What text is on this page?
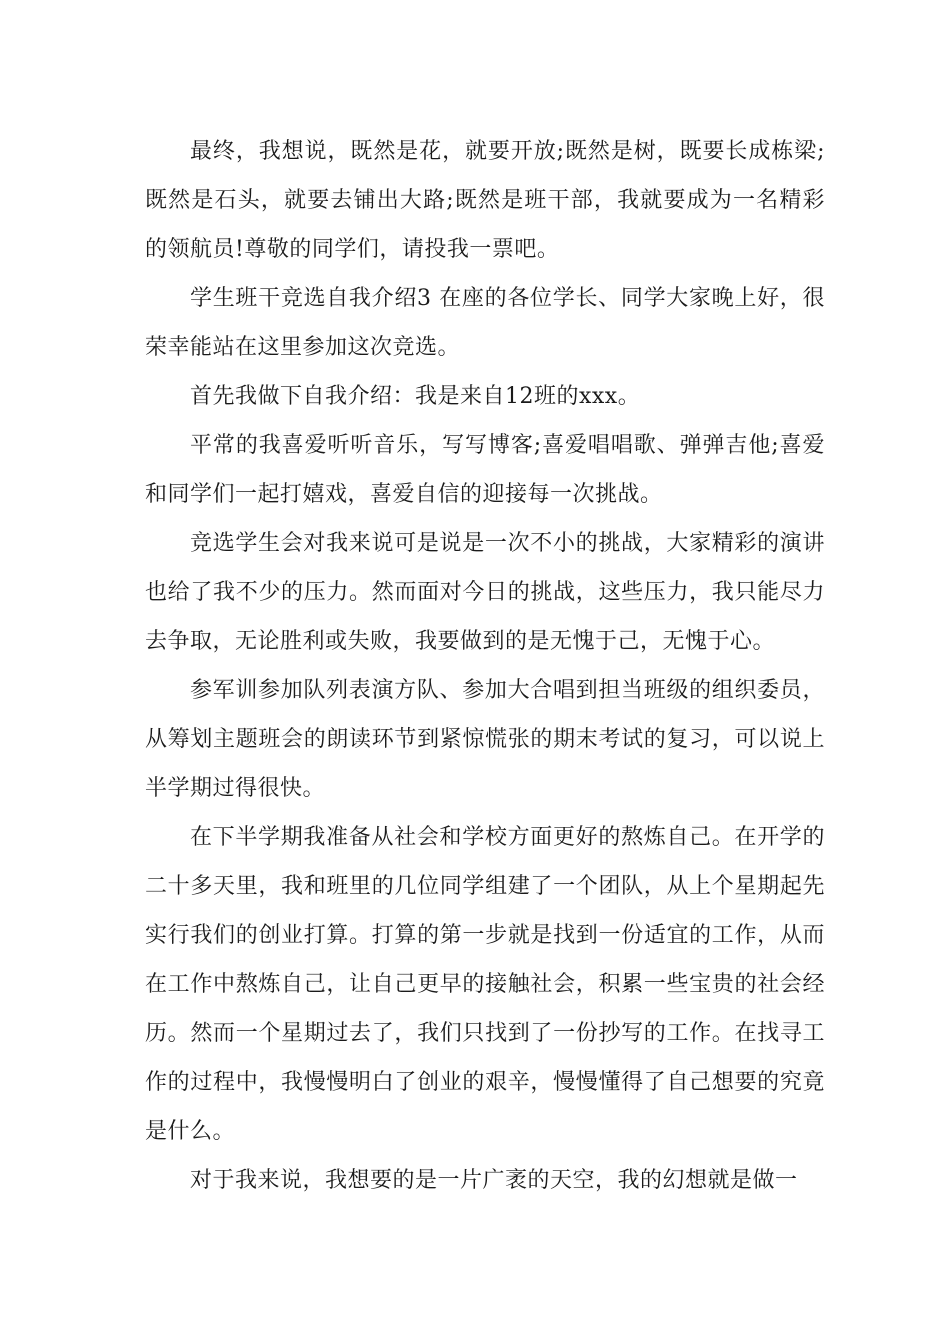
最终，我想说，既然是花，就要开放;既然是树，既要长成栋梁;既然是石头，就要去铺出大路;既然是班干部，我就要成为一名精彩的领航员!尊敬的同学们，请投我一票吧。

学生班干竞选自我介绍3 在座的各位学长、同学大家晚上好，很荣幸能站在这里参加这次竞选。

首先我做下自我介绍：我是来自12班的xxx。

平常的我喜爱听听音乐，写写博客;喜爱唱唱歌、弹弹吉他;喜爱和同学们一起打嬉戏，喜爱自信的迎接每一次挑战。

竞选学生会对我来说可是说是一次不小的挑战，大家精彩的演讲也给了我不少的压力。然而面对今日的挑战，这些压力，我只能尽力去争取，无论胜利或失败，我要做到的是无愧于己，无愧于心。

参军训参加队列表演方队、参加大合唱到担当班级的组织委员，从筹划主题班会的朗读环节到紧惊慌张的期末考试的复习，可以说上半学期过得很快。

在下半学期我准备从社会和学校方面更好的熬炼自己。在开学的二十多天里，我和班里的几位同学组建了一个团队，从上个星期起先实行我们的创业打算。打算的第一步就是找到一份适宜的工作，从而在工作中熬炼自己，让自己更早的接触社会，积累一些宝贵的社会经历。然而一个星期过去了，我们只找到了一份抄写的工作。在找寻工作的过程中，我慢慢明白了创业的艰辛，慢慢懂得了自己想要的究竟是什么。

对于我来说，我想要的是一片广袤的天空，我的幻想就是做一
